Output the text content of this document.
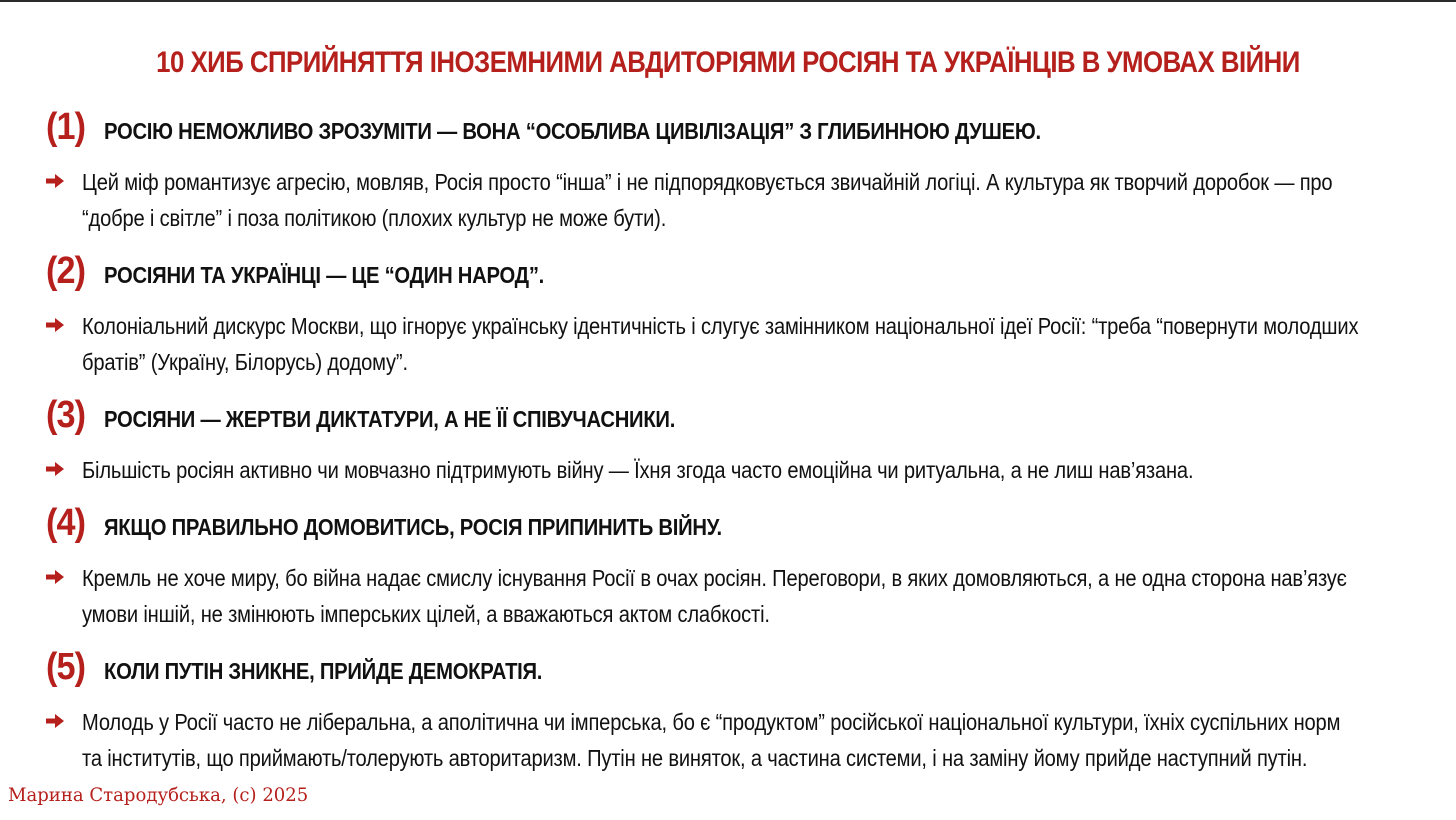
10 ХИБ СПРИЙНЯТТЯ ІНОЗЕМНИМИ АВДИТОРІЯМИ РОСІЯН ТА УКРАЇНЦІВ В УМОВАХ ВІЙНИ
(1) РОСІЮ НЕМОЖЛИВО ЗРОЗУМІТИ — ВОНА “ОСОБЛИВА ЦИВІЛІЗАЦІЯ” З ГЛИБИННОЮ ДУШЕЮ.
Цей міф романтизує агресію, мовляв, Росія просто “інша” і не підпорядковується звичайній логіці. А культура як творчий доробок — про “добре і світле” і поза політикою (плохих культур не може бути).
(2) РОСІЯНИ ТА УКРАЇНЦІ — ЦЕ “ОДИН НАРОД”.
Колоніальний дискурс Москви, що ігнорує українську ідентичність і слугує замінником національної ідеї Росії: “треба “повернути молодших братів” (Україну, Білорусь) додому”.
(3) РОСІЯНИ — ЖЕРТВИ ДИКТАТУРИ, А НЕ ЇЇ СПІВУЧАСНИКИ.
Більшість росіян активно чи мовчазно підтримують війну — Їхня згода часто емоційна чи ритуальна, а не лиш нав’язана.
(4) ЯКЩО ПРАВИЛЬНО ДОМОВИТИСЬ, РОСІЯ ПРИПИНИТЬ ВІЙНУ.
Кремль не хоче миру, бо війна надає смислу існування Росії в очах росіян. Переговори, в яких домовляються, а не одна сторона нав’язує умови іншій, не змінюють імперських цілей, а вважаються актом слабкості.
(5) КОЛИ ПУТІН ЗНИКНЕ, ПРИЙДЕ ДЕМОКРАТІЯ.
Молодь у Росії часто не ліберальна, а аполітична чи імперська, бо є “продуктом” російської національної культури, їхніх суспільних норм та інститутів, що приймають/толерують авторитаризм. Путін не виняток, а частина системи, і на заміну йому прийде наступний путін.
Марина Стародубська, (с) 2025
